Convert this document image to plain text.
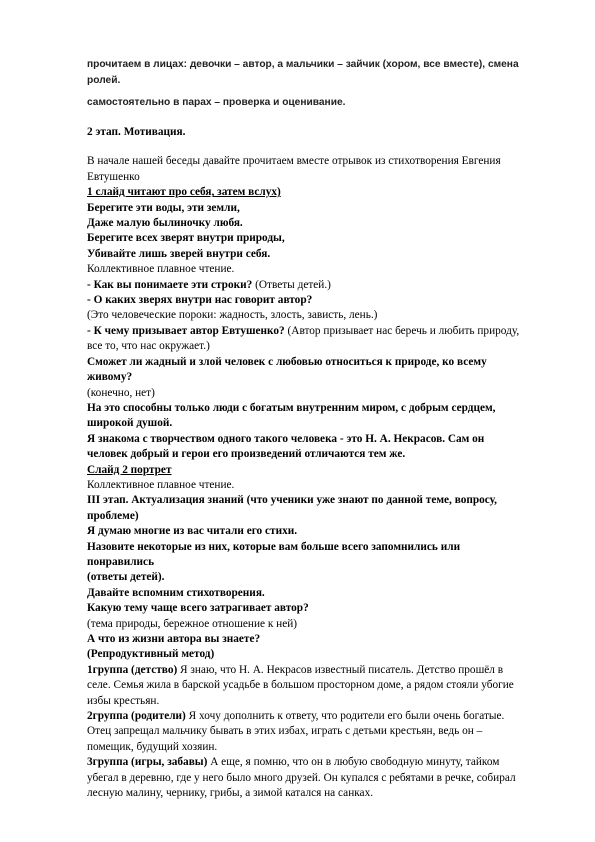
прочитаем в лицах: девочки – автор, а мальчики – зайчик (хором, все вместе), смена ролей.

самостоятельно в парах – проверка и оценивание.

2 этап. Мотивация.

В начале нашей беседы давайте прочитаем вместе отрывок из стихотворения Евгения Евтушенко

1 слайд читают про себя, затем вслух)

Берегите эти воды, эти земли,

Даже малую былиночку любя.

Берегите всех зверят внутри природы,

Убивайте лишь зверей внутри себя.

Коллективное плавное чтение.

- Как вы понимаете эти строки? (Ответы детей.)

- О каких зверях внутри нас говорит автор?

(Это человеческие пороки: жадность, злость, зависть, лень.)

- К чему призывает автор Евтушенко? (Автор призывает нас беречь и любить природу, все то, что нас окружает.)

Сможет ли жадный и злой человек с любовью относиться к природе, ко всему живому?

(конечно, нет)

На это способны только люди с богатым внутренним миром, с добрым сердцем, широкой душой.

Я знакома с творчеством одного такого человека - это Н. А. Некрасов. Сам он человек добрый и герои его произведений отличаются тем же.

Слайд 2 портрет

Коллективное плавное чтение.

III этап. Актуализация знаний (что ученики уже знают по данной теме, вопросу, проблеме)

Я думаю многие из вас читали его стихи.

Назовите некоторые из них, которые вам больше всего запомнились или понравились

(ответы детей).

Давайте вспомним стихотворения.

Какую тему чаще всего затрагивает автор?

(тема природы, бережное отношение к ней)

А что из жизни автора вы знаете?

(Репродуктивный метод)

1группа (детство) Я знаю, что Н. А. Некрасов известный писатель. Детство прошёл в селе. Семья жила в барской усадьбе в большом просторном доме, а рядом стояли убогие избы крестьян.

2группа (родители) Я хочу дополнить к ответу, что родители его были очень богатые. Отец запрещал мальчику бывать в этих избах, играть с детьми крестьян, ведь он – помещик, будущий хозяин.

3группа (игры, забавы) А еще, я помню, что он в любую свободную минуту, тайком убегал в деревню, где у него было много друзей. Он купался с ребятами в речке, собирал лесную малину, чернику, грибы, а зимой катался на санках.
